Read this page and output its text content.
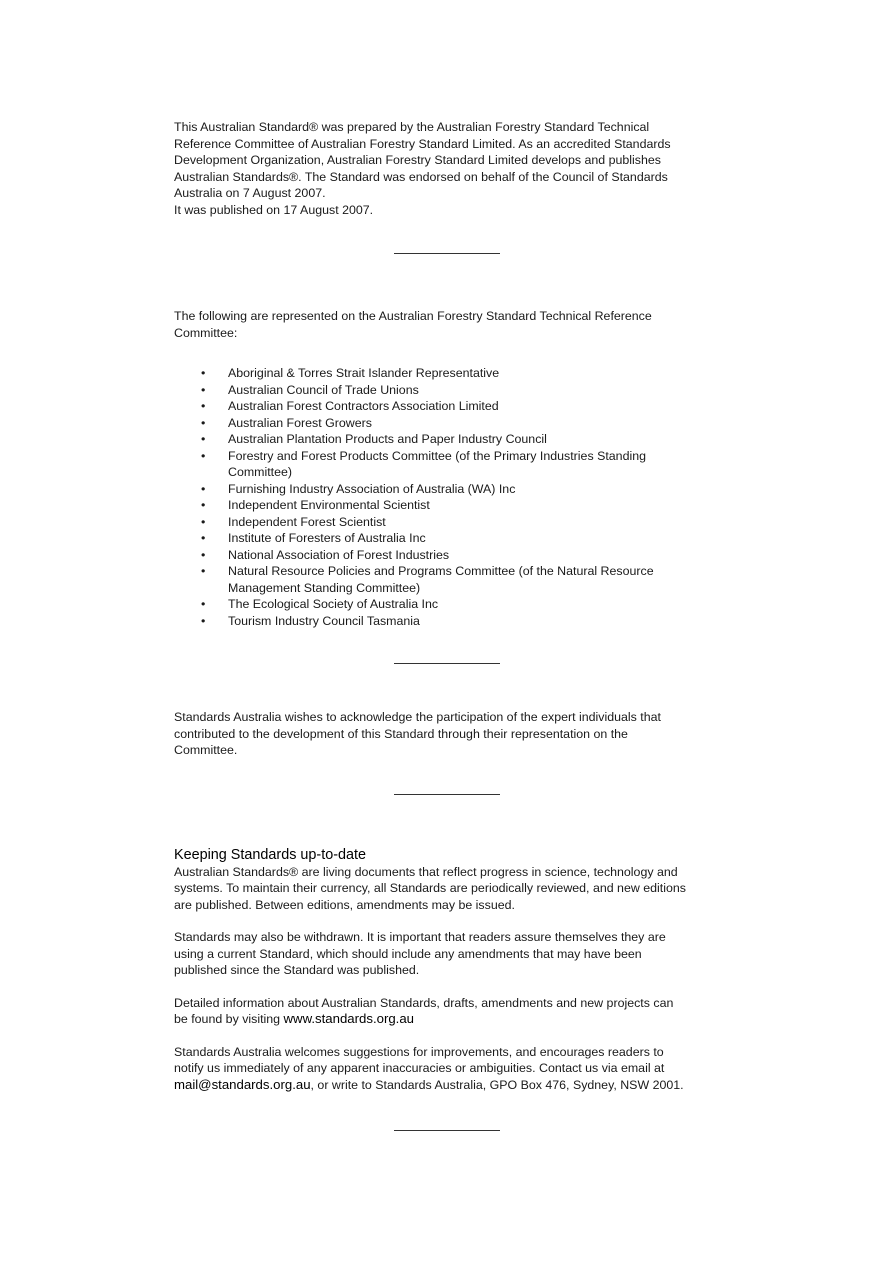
This Australian Standard® was prepared by the Australian Forestry Standard Technical
Reference Committee of Australian Forestry Standard Limited. As an accredited Standards
Development Organization, Australian Forestry Standard Limited develops and publishes
Australian Standards®. The Standard was endorsed on behalf of the Council of Standards
Australia on 7 August 2007.
It was published on 17 August 2007.

The following are represented on the Australian Forestry Standard Technical Reference
Committee:

• Aboriginal & Torres Strait Islander Representative
• Australian Council of Trade Unions
• Australian Forest Contractors Association Limited
• Australian Forest Growers
• Australian Plantation Products and Paper Industry Council
• Forestry and Forest Products Committee (of the Primary Industries Standing
Committee)
• Furnishing Industry Association of Australia (WA) Inc
• Independent Environmental Scientist
• Independent Forest Scientist
• Institute of Foresters of Australia Inc
• National Association of Forest Industries
• Natural Resource Policies and Programs Committee (of the Natural Resource
Management Standing Committee)
• The Ecological Society of Australia Inc
• Tourism Industry Council Tasmania

Standards Australia wishes to acknowledge the participation of the expert individuals that
contributed to the development of this Standard through their representation on the
Committee.

Keeping Standards up-to-date

Australian Standards® are living documents that reflect progress in science, technology and
systems. To maintain their currency, all Standards are periodically reviewed, and new editions
are published. Between editions, amendments may be issued.

Standards may also be withdrawn. It is important that readers assure themselves they are
using a current Standard, which should include any amendments that may have been
published since the Standard was published.

Detailed information about Australian Standards, drafts, amendments and new projects can
be found by visiting www.standards.org.au

Standards Australia welcomes suggestions for improvements, and encourages readers to
notify us immediately of any apparent inaccuracies or ambiguities. Contact us via email at
mail@standards.org.au, or write to Standards Australia, GPO Box 476, Sydney, NSW 2001.
